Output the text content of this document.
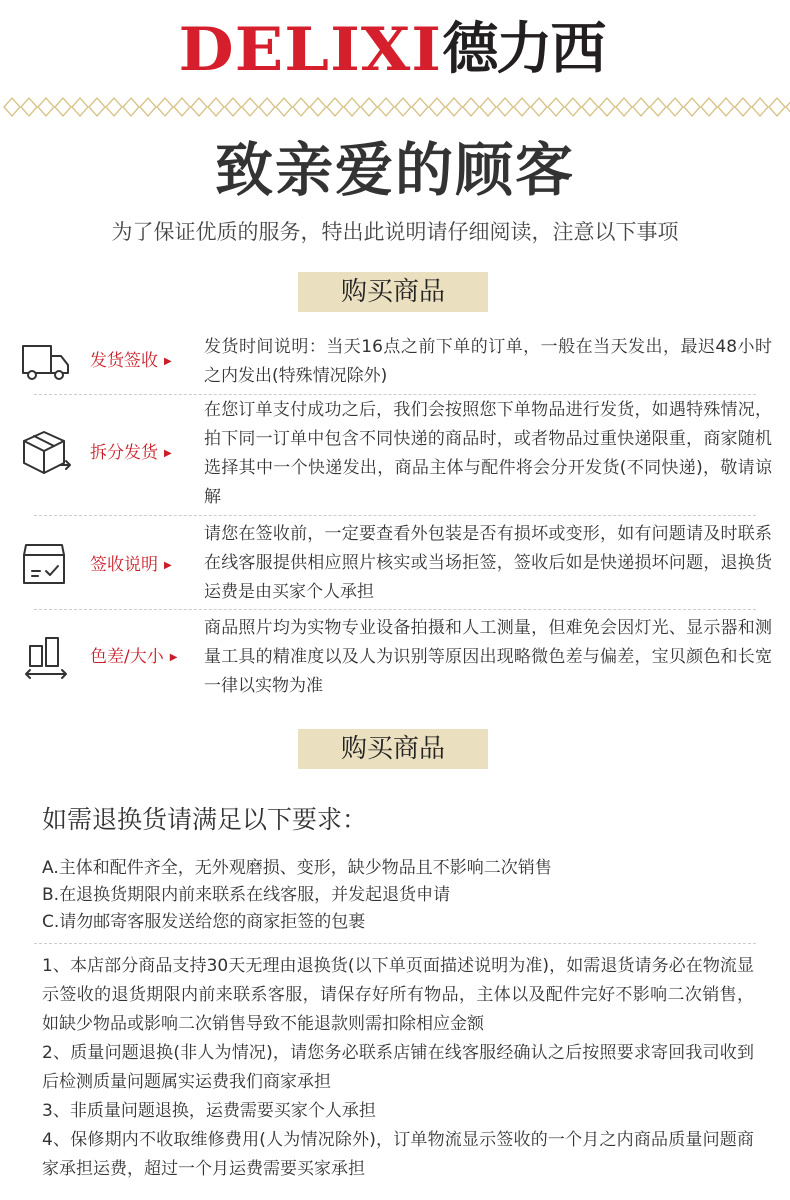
DELIXI 德力西
致亲爱的顾客
为了保证优质的服务，特出此说明请仔细阅读，注意以下事项
购买商品
发货签收 ▶
发货时间说明：当天16点之前下单的订单，一般在当天发出，最迟48小时之内发出(特殊情况除外)
拆分发货 ▶
在您订单支付成功之后，我们会按照您下单物品进行发货，如遇特殊情况，拍下同一订单中包含不同快递的商品时，或者物品过重快递限重，商家随机选择其中一个快递发出，商品主体与配件将会分开发货(不同快递)，敬请谅解
签收说明 ▶
请您在签收前，一定要查看外包装是否有损坏或变形，如有问题请及时联系在线客服提供相应照片核实或当场拒签，签收后如是快递损坏问题，退换货运费是由买家个人承担
色差/大小 ▶
商品照片均为实物专业设备拍摄和人工测量，但难免会因灯光、显示器和测量工具的精准度以及人为识别等原因出现略微色差与偏差，宝贝颜色和长宽一律以实物为准
购买商品
如需退换货请满足以下要求：
A.主体和配件齐全，无外观磨损、变形，缺少物品且不影响二次销售
B.在退换货期限内前来联系在线客服，并发起退货申请
C.请勿邮寄客服发送给您的商家拒签的包裹

1、本店部分商品支持30天无理由退换货(以下单页面描述说明为准)，如需退货请务必在物流显示签收的退货期限内前来联系客服，请保存好所有物品，主体以及配件完好不影响二次销售，如缺少物品或影响二次销售导致不能退款则需扣除相应金额

2、质量问题退换(非人为情况)，请您务必联系店铺在线客服经确认之后按照要求寄回我司收到后检测质量问题属实运费我们商家承担

3、非质量问题退换，运费需要买家个人承担

4、保修期内不收取维修费用(人为情况除外)，订单物流显示签收的一个月之内商品质量问题商家承担运费，超过一个月运费需要买家承担
